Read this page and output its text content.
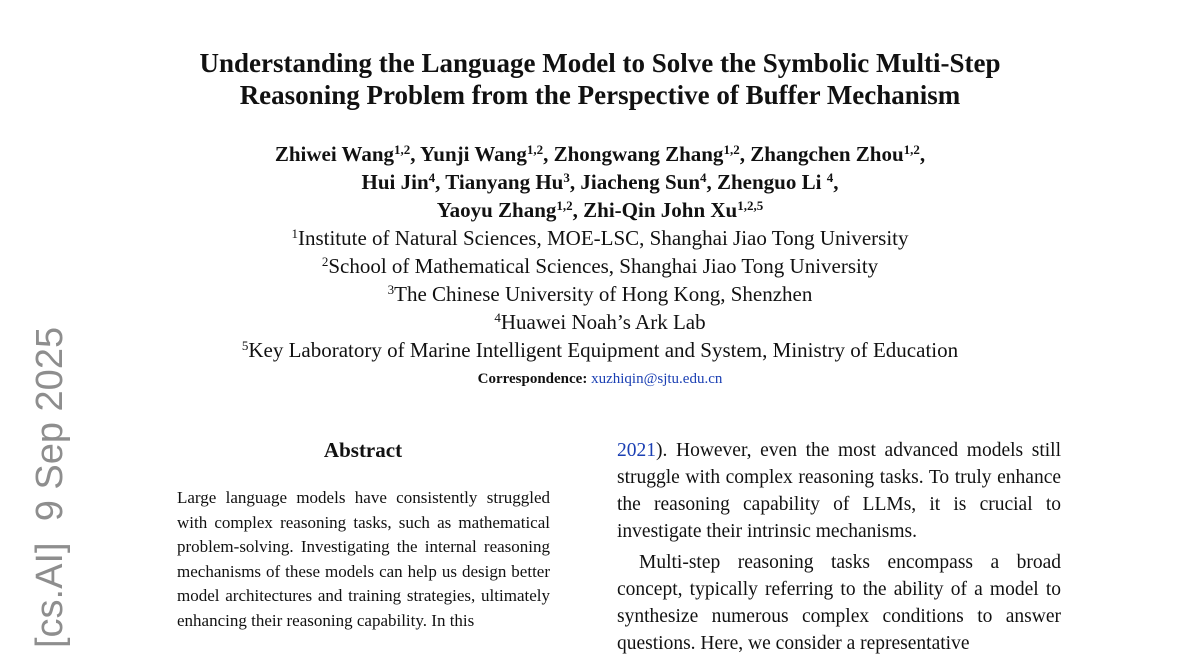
Understanding the Language Model to Solve the Symbolic Multi-Step
Reasoning Problem from the Perspective of Buffer Mechanism
Zhiwei Wang$^{1,2}$, Yunji Wang$^{1,2}$, Zhongwang Zhang$^{1,2}$, Zhangchen Zhou$^{1,2}$,
Hui Jin$^4$, Tianyang Hu$^3$, Jiacheng Sun$^4$, Zhenguo Li $^4$,
Yaoyu Zhang$^{1,2}$, Zhi-Qin John Xu$^{1,2,5}$
$^1$Institute of Natural Sciences, MOE-LSC, Shanghai Jiao Tong University
$^2$School of Mathematical Sciences, Shanghai Jiao Tong University
$^3$The Chinese University of Hong Kong, Shenzhen
$^4$Huawei Noah’s Ark Lab
$^5$Key Laboratory of Marine Intelligent Equipment and System, Ministry of Education
Correspondence: xuzhiqin@sjtu.edu.cn
[cs.AI]  9 Sep 2025	Abstract
Large language models have consistently struggled with complex reasoning tasks, such as mathematical problem-solving. Investigating the internal reasoning mechanisms of these models can help us design better model architectures and training strategies, ultimately enhancing their reasoning capability. In this

2021). However, even the most advanced models still struggle with complex reasoning tasks. To truly enhance the reasoning capability of LLMs, it is crucial to investigate their intrinsic mechanisms.

Multi-step reasoning tasks encompass a broad concept, typically referring to the ability of a model to synthesize numerous complex conditions to answer questions. Here, we consider a representative
